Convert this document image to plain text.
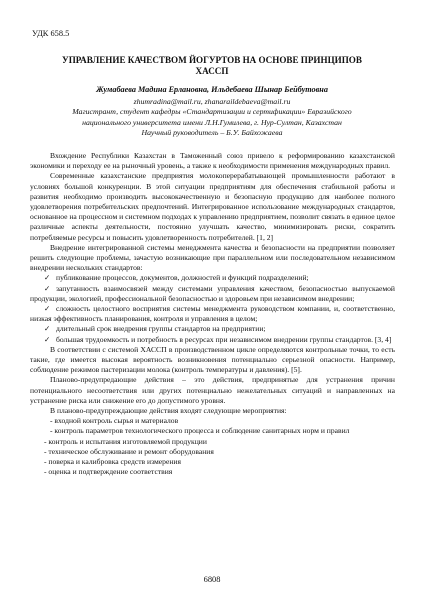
УДК 658.5
УПРАВЛЕНИЕ КАЧЕСТВОМ ЙОГУРТОВ НА ОСНОВЕ ПРИНЦИПОВ ХАССП
Жумабаева Мадина Ерлановна, Ильдебаева Шынар Бейбутовна
zhumradina@mail.ru, zhanaraildebaeva@mail.ru
Магистрант, студент кафедры «Стандартизации и сертификации» Евразийского
национального университета имени Л.Н.Гумилева, г. Нур-Султан, Казахстан
Научный руководитель – Б.У. Байхожаева

Вхождение Республики Казахстан в Таможенный союз привело к реформированию казахстанской экономики и переходу ее на рыночный уровень, а также к необходимости применения международных правил.

Современные казахстанские предприятия молокоперерабатывающей промышленности работают в условиях большой конкуренции. В этой ситуации предприятиям для обеспечения стабильной работы и развития необходимо производить высококачественную и безопасную продукцию для наиболее полного удовлетворения потребительских предпочтений. Интегрированное использование международных стандартов, основанное на процессном и системном подходах к управлению предприятием, позволит связать в единое целое различные аспекты деятельности, постоянно улучшать качество, минимизировать риски, сократить потребляемые ресурсы и повысить удовлетворенность потребителей. [1, 2]

Внедрение интегрированной системы менеджмента качества и безопасности на предприятии позволяет решить следующие проблемы, зачастую возникающие при параллельном или последовательном независимом внедрении нескольких стандартов:

✓ публикование процессов, документов, должностей и функций подразделений;
✓ запутанность взаимосвязей между системами управления качеством, безопасностью выпускаемой продукции, экологией, профессиональной безопасностью и здоровьем при независимом внедрении;
✓ сложность целостного восприятия системы менеджмента руководством компании, и, соответственно, низкая эффективность планирования, контроля и управления в целом;
✓ длительный срок внедрения группы стандартов на предприятии;
✓ большая трудоемкость и потребность в ресурсах при независимом внедрении группы стандартов. [3, 4]

В соответствии с системой ХАССП в производственном цикле определяются контрольные точки, то есть такие, где имеется высокая вероятность возникновения потенциально серьезной опасности. Например, соблюдение режимов пастеризации молока (контроль температуры и давления). [5].

Планово-предупредающие действия – это действия, предпринятые для устранения причин потенциального несоответствия или других потенциально нежелательных ситуаций и направленных на устранение риска или снижение его до допустимого уровня.

В планово-предупреждающие действия входят следующие мероприятия:

- входной контроль сырья и материалов
- контроль параметров технологического процесса и соблюдение санитарных норм и правил
- контроль и испытания изготовляемой продукции
- техническое обслуживание и ремонт оборудования
- поверка и калибровка средств измерения
- оценка и подтверждение соответствия
6808
